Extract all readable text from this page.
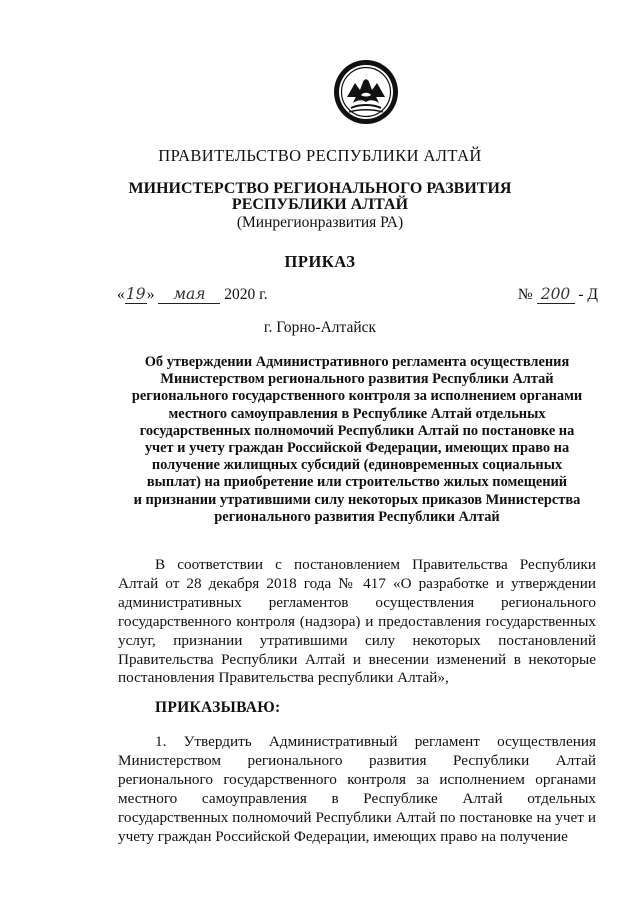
ПРАВИТЕЛЬСТВО РЕСПУБЛИКИ АЛТАЙ
МИНИСТЕРСТВО РЕГИОНАЛЬНОГО РАЗВИТИЯ
РЕСПУБЛИКИ АЛТАЙ
(Минрегионразвития РА)
ПРИКАЗ
«19» мая 2020 г.	№ 200 - Д
г. Горно-Алтайск
Об утверждении Административного регламента осуществления
Министерством регионального развития Республики Алтай
регионального государственного контроля за исполнением органами
местного самоуправления в Республике Алтай отдельных
государственных полномочий Республики Алтай по постановке на
учет и учету граждан Российской Федерации, имеющих право на
получение жилищных субсидий (единовременных социальных
выплат) на приобретение или строительство жилых помещений
и признании утратившими силу некоторых приказов Министерства
регионального развития Республики Алтай
В соответствии с постановлением Правительства Республики Алтай от 28 декабря 2018 года № 417 «О разработке и утверждении административных регламентов осуществления регионального государственного контроля (надзора) и предоставления государственных услуг, признании утратившими силу некоторых постановлений Правительства Республики Алтай и внесении изменений в некоторые постановления Правительства республики Алтай»,
ПРИКАЗЫВАЮ:
1. Утвердить Административный регламент осуществления Министерством регионального развития Республики Алтай регионального государственного контроля за исполнением органами местного самоуправления в Республике Алтай отдельных государственных полномочий Республики Алтай по постановке на учет и учету граждан Российской Федерации, имеющих право на получение
